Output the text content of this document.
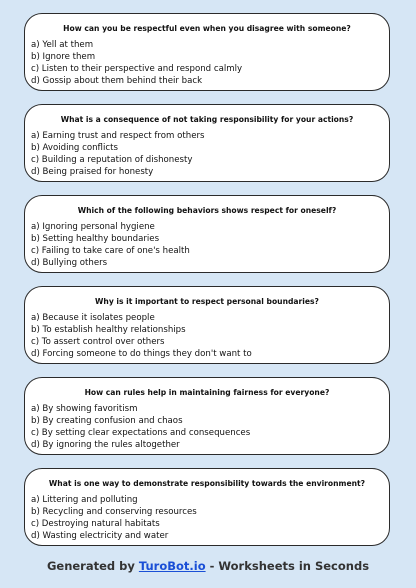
How can you be respectful even when you disagree with someone?
a) Yell at them
b) Ignore them
c) Listen to their perspective and respond calmly
d) Gossip about them behind their back
What is a consequence of not taking responsibility for your actions?
a) Earning trust and respect from others
b) Avoiding conflicts
c) Building a reputation of dishonesty
d) Being praised for honesty
Which of the following behaviors shows respect for oneself?
a) Ignoring personal hygiene
b) Setting healthy boundaries
c) Failing to take care of one's health
d) Bullying others
Why is it important to respect personal boundaries?
a) Because it isolates people
b) To establish healthy relationships
c) To assert control over others
d) Forcing someone to do things they don't want to
How can rules help in maintaining fairness for everyone?
a) By showing favoritism
b) By creating confusion and chaos
c) By setting clear expectations and consequences
d) By ignoring the rules altogether
What is one way to demonstrate responsibility towards the environment?
a) Littering and polluting
b) Recycling and conserving resources
c) Destroying natural habitats
d) Wasting electricity and water
Generated by TuroBot.io - Worksheets in Seconds
